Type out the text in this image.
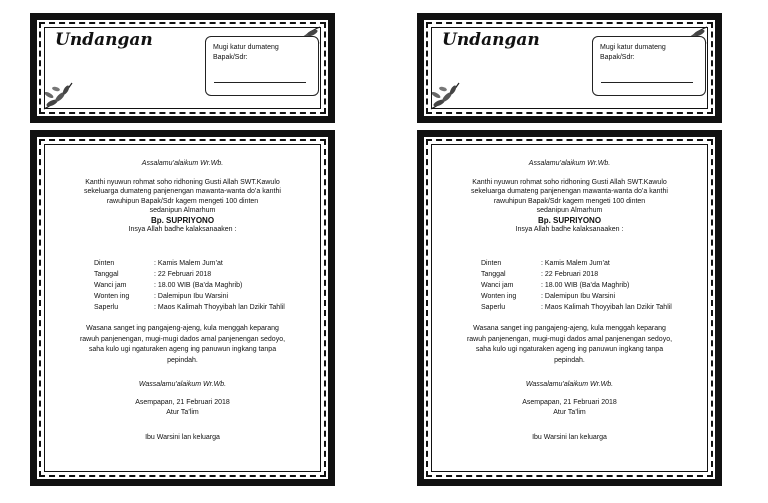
Undangan	Mugi katur dumateng
Bapak/Sdr:

Assalamu’alaikum Wr.Wb.

Kanthi nyuwun rohmat soho ridhoning Gusti Allah SWT.Kawulo

sekeluarga dumateng panjenengan mawanta-wanta do’a kanthi

rawuhipun Bapak/Sdr kagem mengeti 100 dinten

sedanipun Almarhum

Bp. SUPRIYONO

Insya Allah badhe kalaksanaaken :

Dinten	: Kamis Malem Jum’at
Tanggal	: 22 Februari 2018
Wanci jam	: 18.00 WIB (Ba’da Maghrib)
Wonten ing	: Dalemipun Ibu Warsini
Saperlu	: Maos Kalimah Thoyyibah lan Dzikir Tahlil

Wasana sanget ing pangajeng-ajeng, kula menggah keparang

rawuh panjenengan, mugi-mugi dados amal panjenengan sedoyo,

saha kulo ugi ngaturaken ageng ing panuwun ingkang tanpa

pepindah.

Wassalamu’alaikum Wr.Wb.

Asempapan, 21 Februari 2018

Atur Ta’lim

Ibu Warsini lan keluarga
Undangan	Mugi katur dumateng
Bapak/Sdr:

Assalamu’alaikum Wr.Wb.

Kanthi nyuwun rohmat soho ridhoning Gusti Allah SWT.Kawulo

sekeluarga dumateng panjenengan mawanta-wanta do’a kanthi

rawuhipun Bapak/Sdr kagem mengeti 100 dinten

sedanipun Almarhum

Bp. SUPRIYONO

Insya Allah badhe kalaksanaaken :

Dinten	: Kamis Malem Jum’at
Tanggal	: 22 Februari 2018
Wanci jam	: 18.00 WIB (Ba’da Maghrib)
Wonten ing	: Dalemipun Ibu Warsini
Saperlu	: Maos Kalimah Thoyyibah lan Dzikir Tahlil

Wasana sanget ing pangajeng-ajeng, kula menggah keparang

rawuh panjenengan, mugi-mugi dados amal panjenengan sedoyo,

saha kulo ugi ngaturaken ageng ing panuwun ingkang tanpa

pepindah.

Wassalamu’alaikum Wr.Wb.

Asempapan, 21 Februari 2018

Atur Ta’lim

Ibu Warsini lan keluarga
